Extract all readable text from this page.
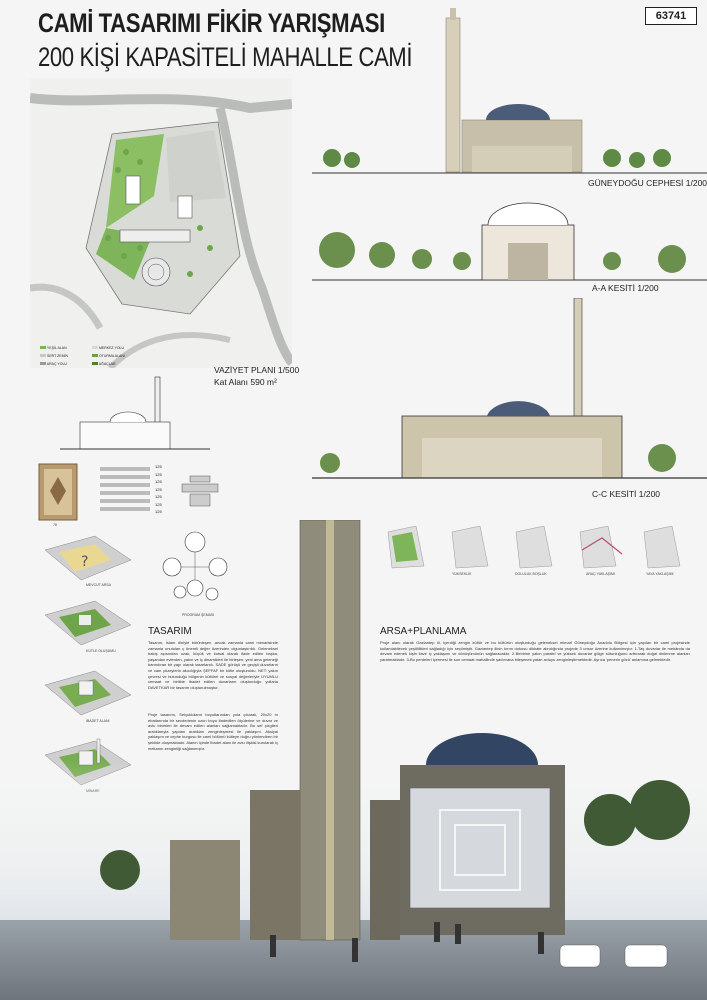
CAMİ TASARIMI FİKİR YARIŞMASI
200 KİŞİ KAPASİTELİ MAHALLE CAMİ
63741
YEŞİL ALAN
SERT ZEMİN
ARAÇ YOLU
MERKEZ YOLU
OTURMA ALANI
AĞAÇLAR
VAZİYET PLANI 1/500
Kat Alanı 590 m²
GÜNEYDOĞU CEPHESİ 1/200
A-A KESİTİ 1/200
C-C KESİTİ 1/200
78
PROGRAM ŞEMASI
?
MEVCUT ARSA
KÜTLE OLUŞUMU
İBADET ALANI
YÜKSEKLİK	DOLULUK BOŞLUK	ARAÇ YAKLAŞIMI	YAYA YAKLAŞIMI
TASARIM
Tasarım, İslam dinîyle bütünleşen ,ancak zamanla cami mimarisinde zamanla unutulan ç önemli değer üzerinden olgunlaştırıldı. Geleneksel bakış açısından uzak, küçük ve kutsal olarak ifade edilen başka, yaşanılan evlerden, yakın ve iç dinamikleri ile birleşen, yeni ama geleneği barındıran bir yapı olarak tasarlandı. SADE görüşü ve geçişli duvarların ve cam yüzeylerin akıcılığıyla ŞEFFAF bir kütle oluşturuldu. NET: yakın çevresi ve bulunduğu bölgenin kültürel ve sosyal değerleriyle UYUMLU cemaat ve birlikte ibadet edilen duvarların oluşturduğu yollarla DAVETKAR bir tasarım oluşturulmuştur.
Proje tasarımı, Selçukluların boyutlarından yola çıkarak, 20x20 m ebatlarında bir secdedenin uzun boyu ifadedilen ölçülerine ve duvar ve avlu birimleri ile devam edilen alanları sağlamaktadır. Bu sef çizgileri aralıklarıyla yapılan aralıkları zenginleşmesi ile yaklaşım. Aksiyal yaklaşım ve cephe kurgusu ile cami bölümü kütleye doğru yönlendiren bir şekilde oluşmaktadır. Alanın içinde ibadet alanı ile avlu ilişkisi kurularak iç mekanın zenginliği sağlanmıştır.
ARSA+PLANLAMA
Proje alanı olarak Gaziantep ili, içerdiği zengin kültür ve bu kültürün oluşturduğu geleneksel mimari Güneydoğu Anadolu Bölgesi için yapılan bir cami projesinde kullanılabilecek çeşitlilikleri sağladığı için seçilmiştir. Gaziantep ilinin kırım dokusu dikkate alındığında projede 3 unsur üzerine kullanılmıştır: 1-Taş duvarlar ile mekânda da devam edenek kişin ilave iç yaklaşımı ve dönüşümünün sağlanacaktır. 2-Birbirine yakın paralel ve yüksek duvarlar gölge sütunluğunu arttırarak doğal dinlenme alanları yaratmaktadır. 3-Bu perdeleri içermesi ile son cemaat mahallinde şadırvana bileşenek yatan avluyu zenginleştirmektedir. Ayrıca 'penerin gözü' anlamına gelmektedir.
125
125
125
125
125
125
125
